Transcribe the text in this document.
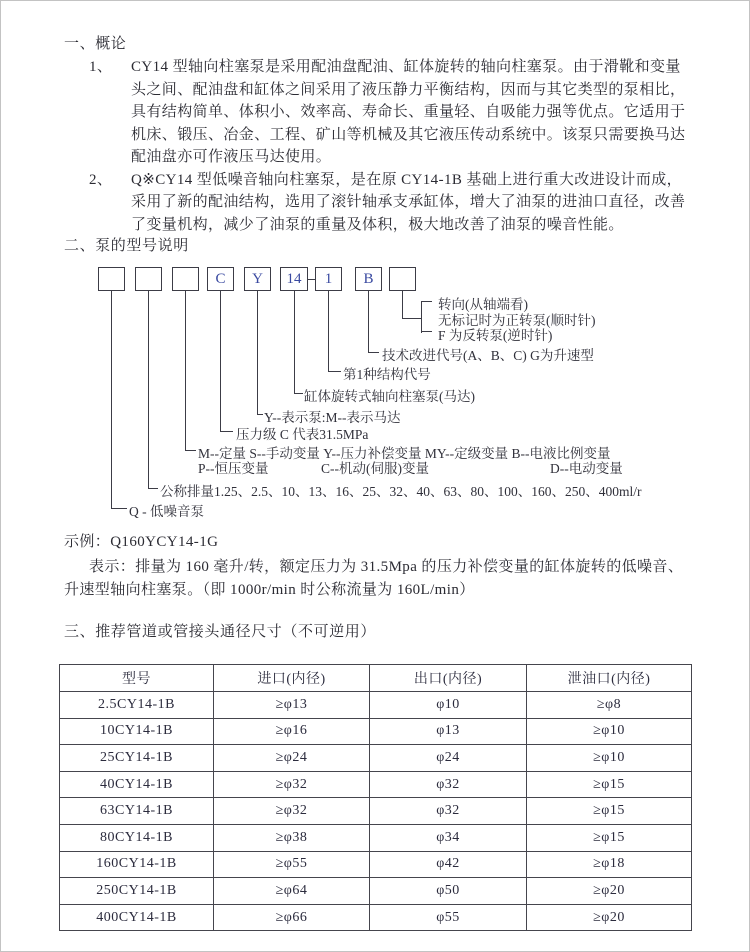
一、概论
1、 CY14 型轴向柱塞泵是采用配油盘配油、缸体旋转的轴向柱塞泵。由于滑靴和变量
头之间、配油盘和缸体之间采用了液压静力平衡结构，因而与其它类型的泵相比，
具有结构简单、体积小、效率高、寿命长、重量轻、自吸能力强等优点。它适用于
机床、锻压、冶金、工程、矿山等机械及其它液压传动系统中。该泵只需要换马达
配油盘亦可作液压马达使用。
2、 Q※CY14 型低噪音轴向柱塞泵，是在原 CY14-1B 基础上进行重大改进设计而成，
采用了新的配油结构，选用了滚针轴承支承缸体，增大了油泵的进油口直径，改善
了变量机构，减少了油泵的重量及体积，极大地改善了油泵的噪音性能。
二、泵的型号说明
C	Y	14	1	B
转向(从轴端看)
无标记时为正转泵(顺时针)
F 为反转泵(逆时针)
技术改进代号(A、B、C) G为升速型
第1种结构代号
缸体旋转式轴向柱塞泵(马达)
Y--表示泵:M--表示马达
压力级 C 代表31.5MPa
M--定量 S--手动变量 Y--压力补偿变量 MY--定级变量 B--电液比例变量
P--恒压变量	C--机动(伺服)变量	D--电动变量
公称排量1.25、2.5、10、13、16、25、32、40、63、80、100、160、250、400ml/r
Q - 低噪音泵
示例：Q160YCY14-1G
表示：排量为 160 毫升/转，额定压力为 31.5Mpa 的压力补偿变量的缸体旋转的低噪音、
升速型轴向柱塞泵。（即 1000r/min 时公称流量为 160L/min）
三、推荐管道或管接头通径尺寸（不可逆用）
型号	进口(内径)	出口(内径)	泄油口(内径)
2.5CY14-1B	≥φ13	φ10	≥φ8
10CY14-1B	≥φ16	φ13	≥φ10
25CY14-1B	≥φ24	φ24	≥φ10
40CY14-1B	≥φ32	φ32	≥φ15
63CY14-1B	≥φ32	φ32	≥φ15
80CY14-1B	≥φ38	φ34	≥φ15
160CY14-1B	≥φ55	φ42	≥φ18
250CY14-1B	≥φ64	φ50	≥φ20
400CY14-1B	≥φ66	φ55	≥φ20
